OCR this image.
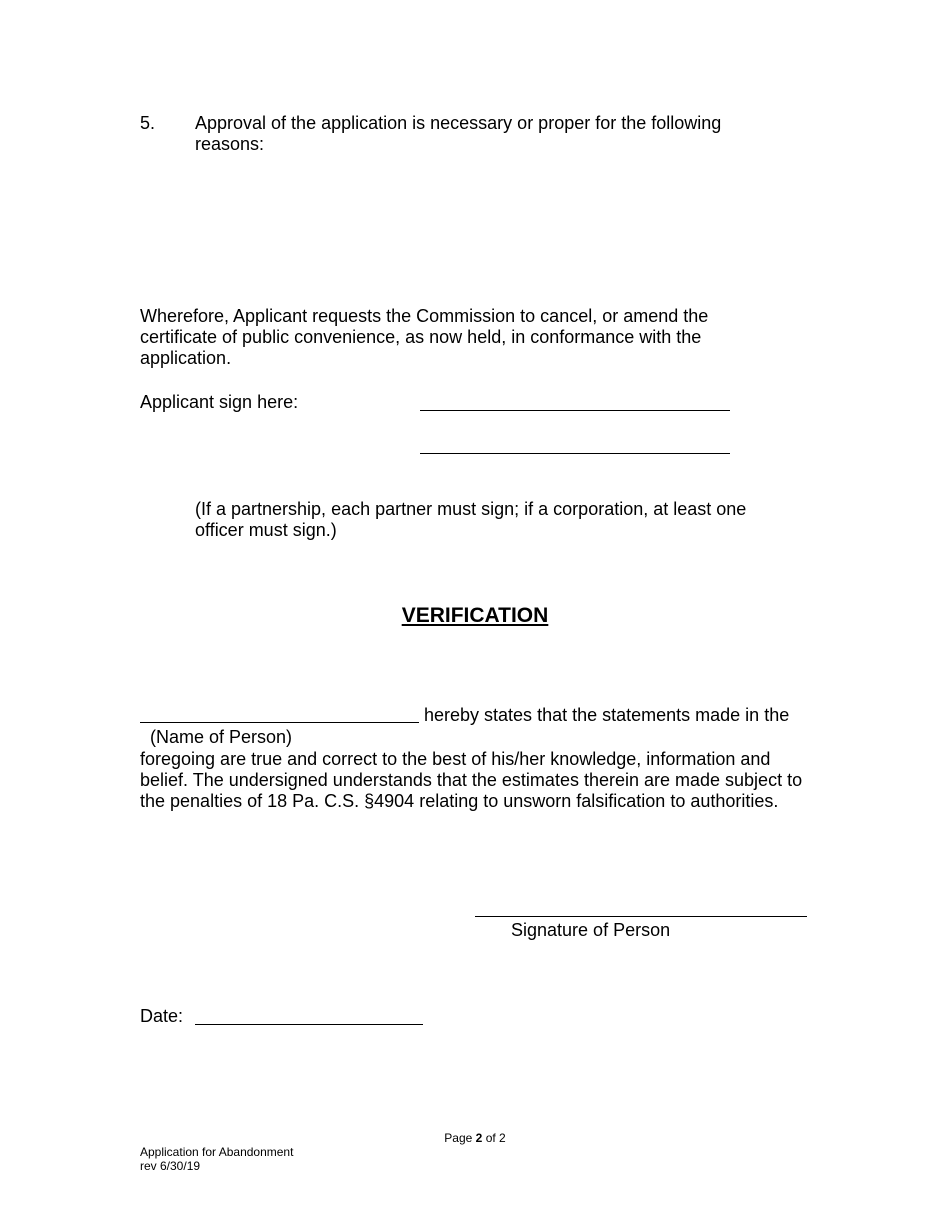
5. Approval of the application is necessary or proper for the following reasons:
Wherefore, Applicant requests the Commission to cancel, or amend the certificate of public convenience, as now held, in conformance with the application.
Applicant sign here:
(If a partnership, each partner must sign; if a corporation, at least one officer must sign.)
VERIFICATION
hereby states that the statements made in the
(Name of Person)
foregoing are true and correct to the best of his/her knowledge, information and belief. The undersigned understands that the estimates therein are made subject to the penalties of 18 Pa. C.S. §4904 relating to unsworn falsification to authorities.
Signature of Person
Date:
Page 2 of 2
Application for Abandonment
rev 6/30/19
